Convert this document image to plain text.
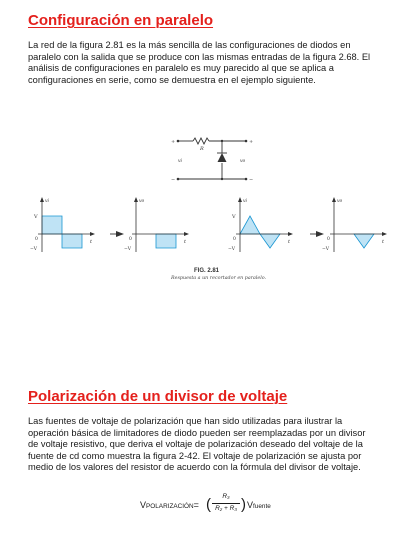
Configuración en paralelo

La red de la figura 2.81 es la más sencilla de las configuraciones de diodos en paralelo con la salida que se produce con las mismas entradas de la figura 2.68. El análisis de configuraciones en paralelo es muy parecido al que se aplica a configuraciones en serie, como se demuestra en el ejemplo siguiente.

R
vi	vo
+
−
+
−
vi
V
0
−V
t
vo
0
−V
t
vi
V
0
−V
t
vo
0
−V
t
FIG. 2.81
Respuesta a un recortador en paralelo.
Polarización de un divisor de voltaje

Las fuentes de voltaje de polarización que han sido utilizadas para ilustrar la operación básica de limitadores de diodo pueden ser reemplazadas por un divisor de voltaje resistivo, que deriva el voltaje de polarización deseado del voltaje de la fuente de cd como muestra la figura 2-42. El voltaje de polarización se ajusta por medio de los valores del resistor de acuerdo con la fórmula del divisor de voltaje.

VPOLARIZACIÓN= (	R₃
R₂ + R₃ ) Vfuente
